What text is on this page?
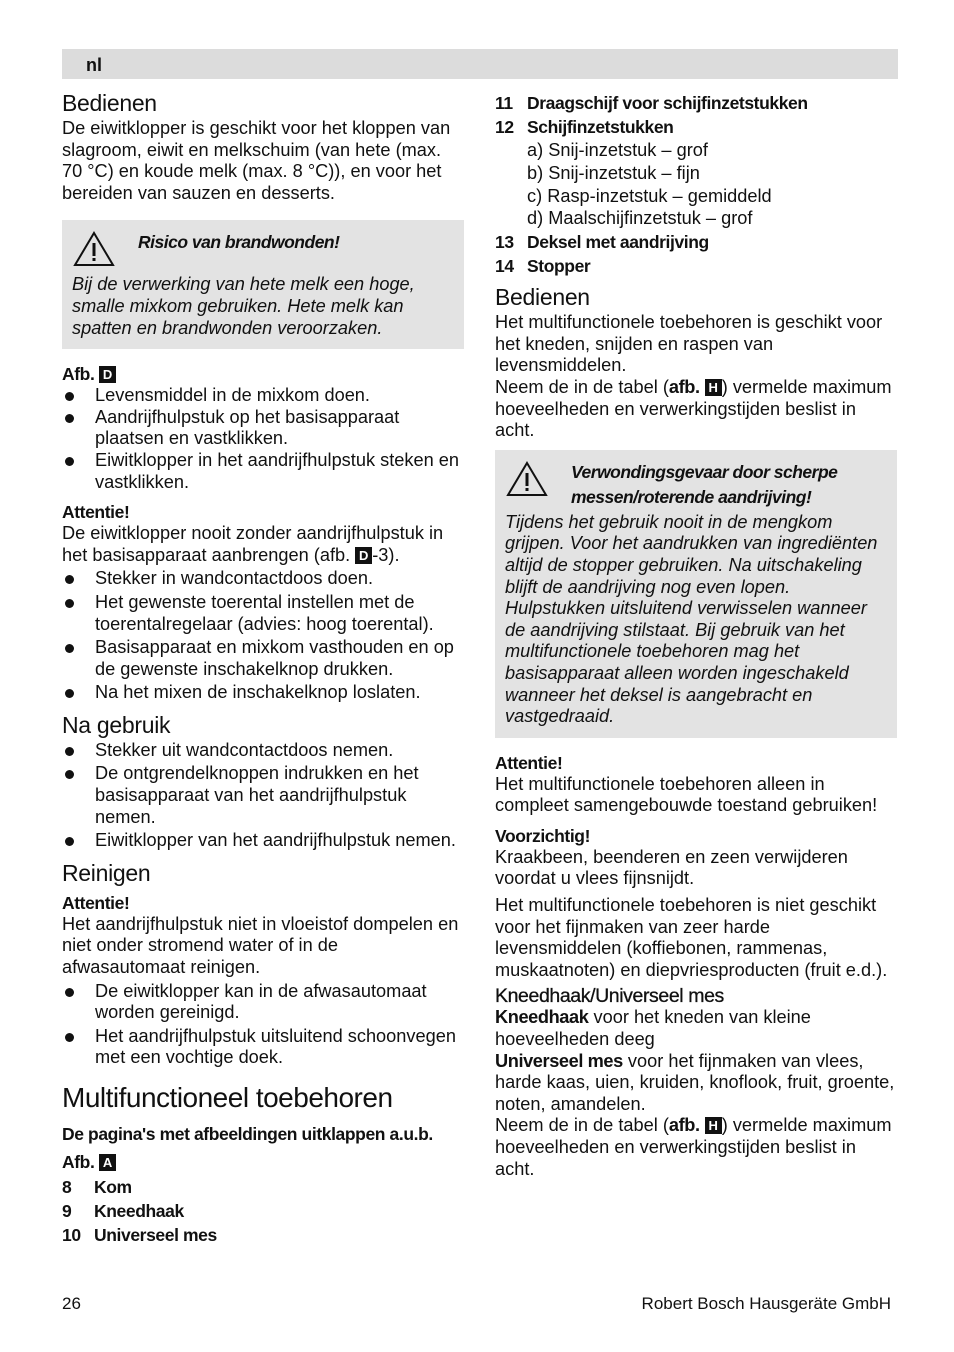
nl
Bedienen

De eiwitklopper is geschikt voor het kloppen van slagroom, eiwit en melkschuim (van hete (max. 70 °C) en koude melk (max. 8 °C)), en voor het bereiden van sauzen en desserts.

Risico van brandwonden!

Bij de verwerking van hete melk een hoge, smalle mixkom gebruiken. Hete melk kan spatten en brandwonden veroorzaken.

Afb. D

Levensmiddel in de mixkom doen.
Aandrijfhulpstuk op het basisapparaat plaatsen en vastklikken.
Eiwitklopper in het aandrijfhulpstuk steken en vastklikken.

Attentie!

De eiwitklopper nooit zonder aandrijfhulpstuk in het basisapparaat aanbrengen (afb. D -3).

Stekker in wandcontactdoos doen.
Het gewenste toerental instellen met de toerentalregelaar (advies: hoog toerental).
Basisapparaat en mixkom vasthouden en op de gewenste inschakelknop drukken.
Na het mixen de inschakelknop loslaten.
Na gebruik
Stekker uit wandcontactdoos nemen.
De ontgrendelknoppen indrukken en het basisapparaat van het aandrijfhulpstuk nemen.
Eiwitklopper van het aandrijfhulpstuk nemen.
Reinigen

Attentie!

Het aandrijfhulpstuk niet in vloeistof dompelen en niet onder stromend water of in de afwasautomaat reinigen.

De eiwitklopper kan in de afwasautomaat worden gereinigd.
Het aandrijfhulpstuk uitsluitend schoonvegen met een vochtige doek.
Multifunctioneel toebehoren

De pagina's met afbeeldingen uitklappen a.u.b.

Afb. A

8 Kom

9 Kneedhaak

10 Universeel mes

11 Draagschijf voor schijfinzetstukken

12 Schijfinzetstukken

a) Snij-inzetstuk – grof
b) Snij-inzetstuk – fijn
c) Rasp-inzetstuk – gemiddeld
d) Maalschijfinzetstuk – grof

13 Deksel met aandrijving

14 Stopper

Bedienen

Het multifunctionele toebehoren is geschikt voor het kneden, snijden en raspen van levensmiddelen.

Neem de in de tabel (afb. H ) vermelde maximum hoeveelheden en verwerkingstijden beslist in acht.

Verwondingsgevaar door scherpe messen/roterende aandrijving!

Tijdens het gebruik nooit in de mengkom grijpen. Voor het aandrukken van ingrediënten altijd de stopper gebruiken. Na uitschakeling blijft de aandrijving nog even lopen. Hulpstukken uitsluitend verwisselen wanneer de aandrijving stilstaat. Bij gebruik van het multifunctionele toebehoren mag het basisapparaat alleen worden ingeschakeld wanneer het deksel is aangebracht en vastgedraaid.

Attentie!

Het multifunctionele toebehoren alleen in compleet samengebouwde toestand gebruiken!

Voorzichtig!

Kraakbeen, beenderen en zeen verwijderen voordat u vlees fijnsnijdt.

Het multifunctionele toebehoren is niet geschikt voor het fijnmaken van zeer harde levensmiddelen (koffiebonen, rammenas, muskaatnoten) en diepvriesproducten (fruit e.d.).

Kneedhaak/Universeel mes

Kneedhaak voor het kneden van kleine hoeveelheden deeg

Universeel mes voor het fijnmaken van vlees, harde kaas, uien, kruiden, knoflook, fruit, groente, noten, amandelen.

Neem de in de tabel (afb. H ) vermelde maximum hoeveelheden en verwerkingstijden beslist in acht.

26	Robert Bosch Hausgeräte GmbH
